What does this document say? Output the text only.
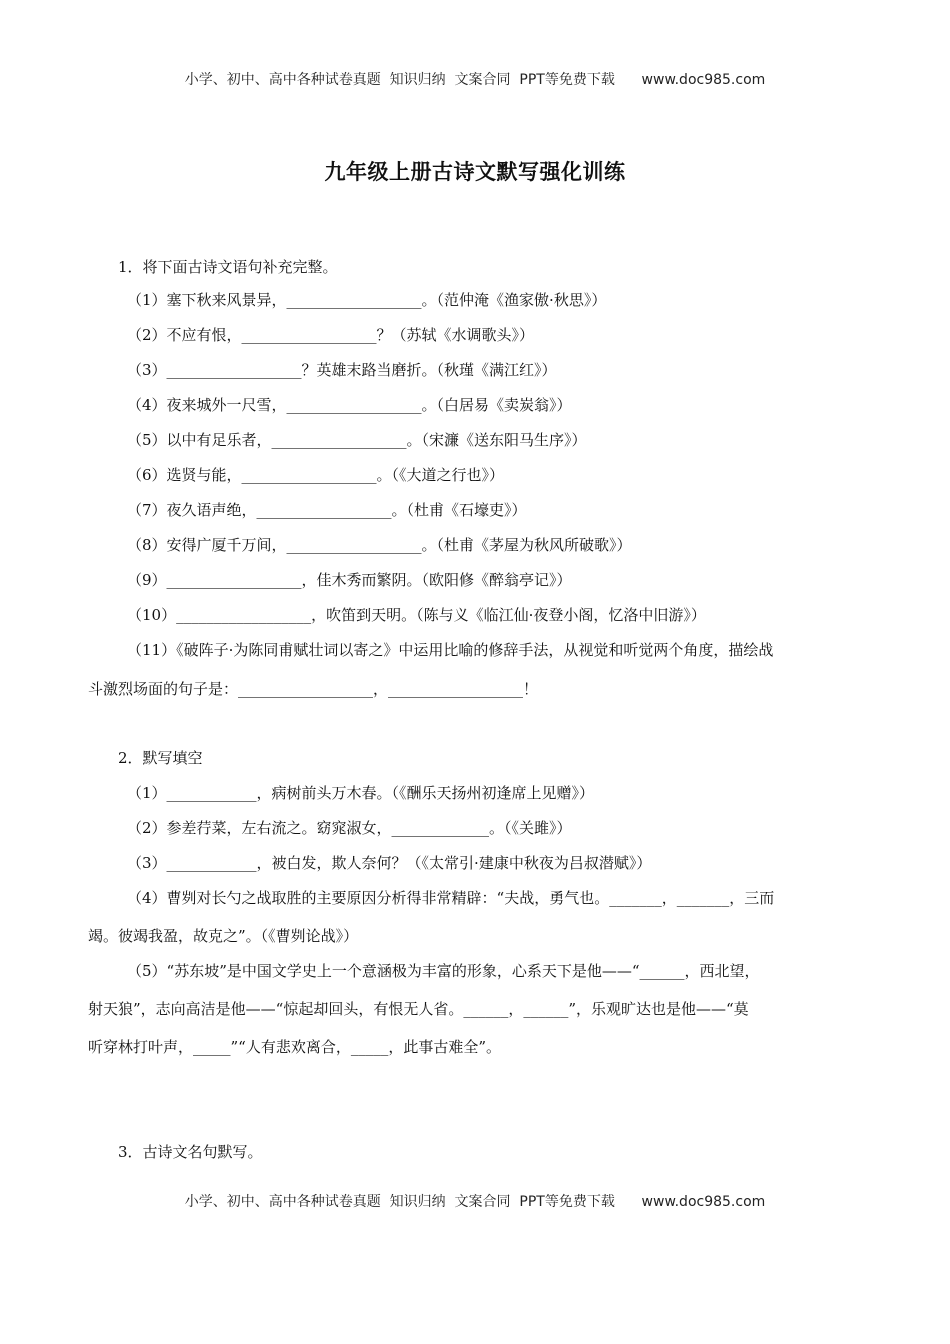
小学、初中、高中各种试卷真题  知识归纳  文案合同  PPT等免费下载      www.doc985.com
九年级上册古诗文默写强化训练
1．将下面古诗文语句补充完整。
（1）塞下秋来风景异，__________________。（范仲淹《渔家傲·秋思》）
（2）不应有恨，__________________？（苏轼《水调歌头》）
（3）__________________？英雄末路当磨折。（秋瑾《满江红》）
（4）夜来城外一尺雪，__________________。（白居易《卖炭翁》）
（5）以中有足乐者，__________________。（宋濂《送东阳马生序》）
（6）选贤与能，__________________。（《大道之行也》）
（7）夜久语声绝，__________________。（杜甫《石壕吏》）
（8）安得广厦千万间，__________________。（杜甫《茅屋为秋风所破歌》）
（9）__________________，佳木秀而繁阴。（欧阳修《醉翁亭记》）
（10）__________________，吹笛到天明。（陈与义《临江仙·夜登小阁，忆洛中旧游》）
（11）《破阵子·为陈同甫赋壮词以寄之》中运用比喻的修辞手法，从视觉和听觉两个角度，描绘战
斗激烈场面的句子是：__________________，__________________！
2．默写填空
（1）____________，病树前头万木春。（《酬乐天扬州初逢席上见赠》）
（2）参差荇菜，左右流之。窈窕淑女，_____________。（《关雎》）
（3）____________，被白发，欺人奈何？（《太常引·建康中秋夜为吕叔潜赋》）
（4）曹刿对长勺之战取胜的主要原因分析得非常精辟：“夫战，勇气也。_______，_______，三而
竭。彼竭我盈，故克之”。（《曹刿论战》）
（5）“苏东坡”是中国文学史上一个意涵极为丰富的形象，心系天下是他——“______，西北望，
射天狼”，志向高洁是他——“惊起却回头，有恨无人省。______，______”，乐观旷达也是他——“莫
听穿林打叶声，_____”“人有悲欢离合，_____，此事古难全”。
3．古诗文名句默写。
小学、初中、高中各种试卷真题  知识归纳  文案合同  PPT等免费下载      www.doc985.com
